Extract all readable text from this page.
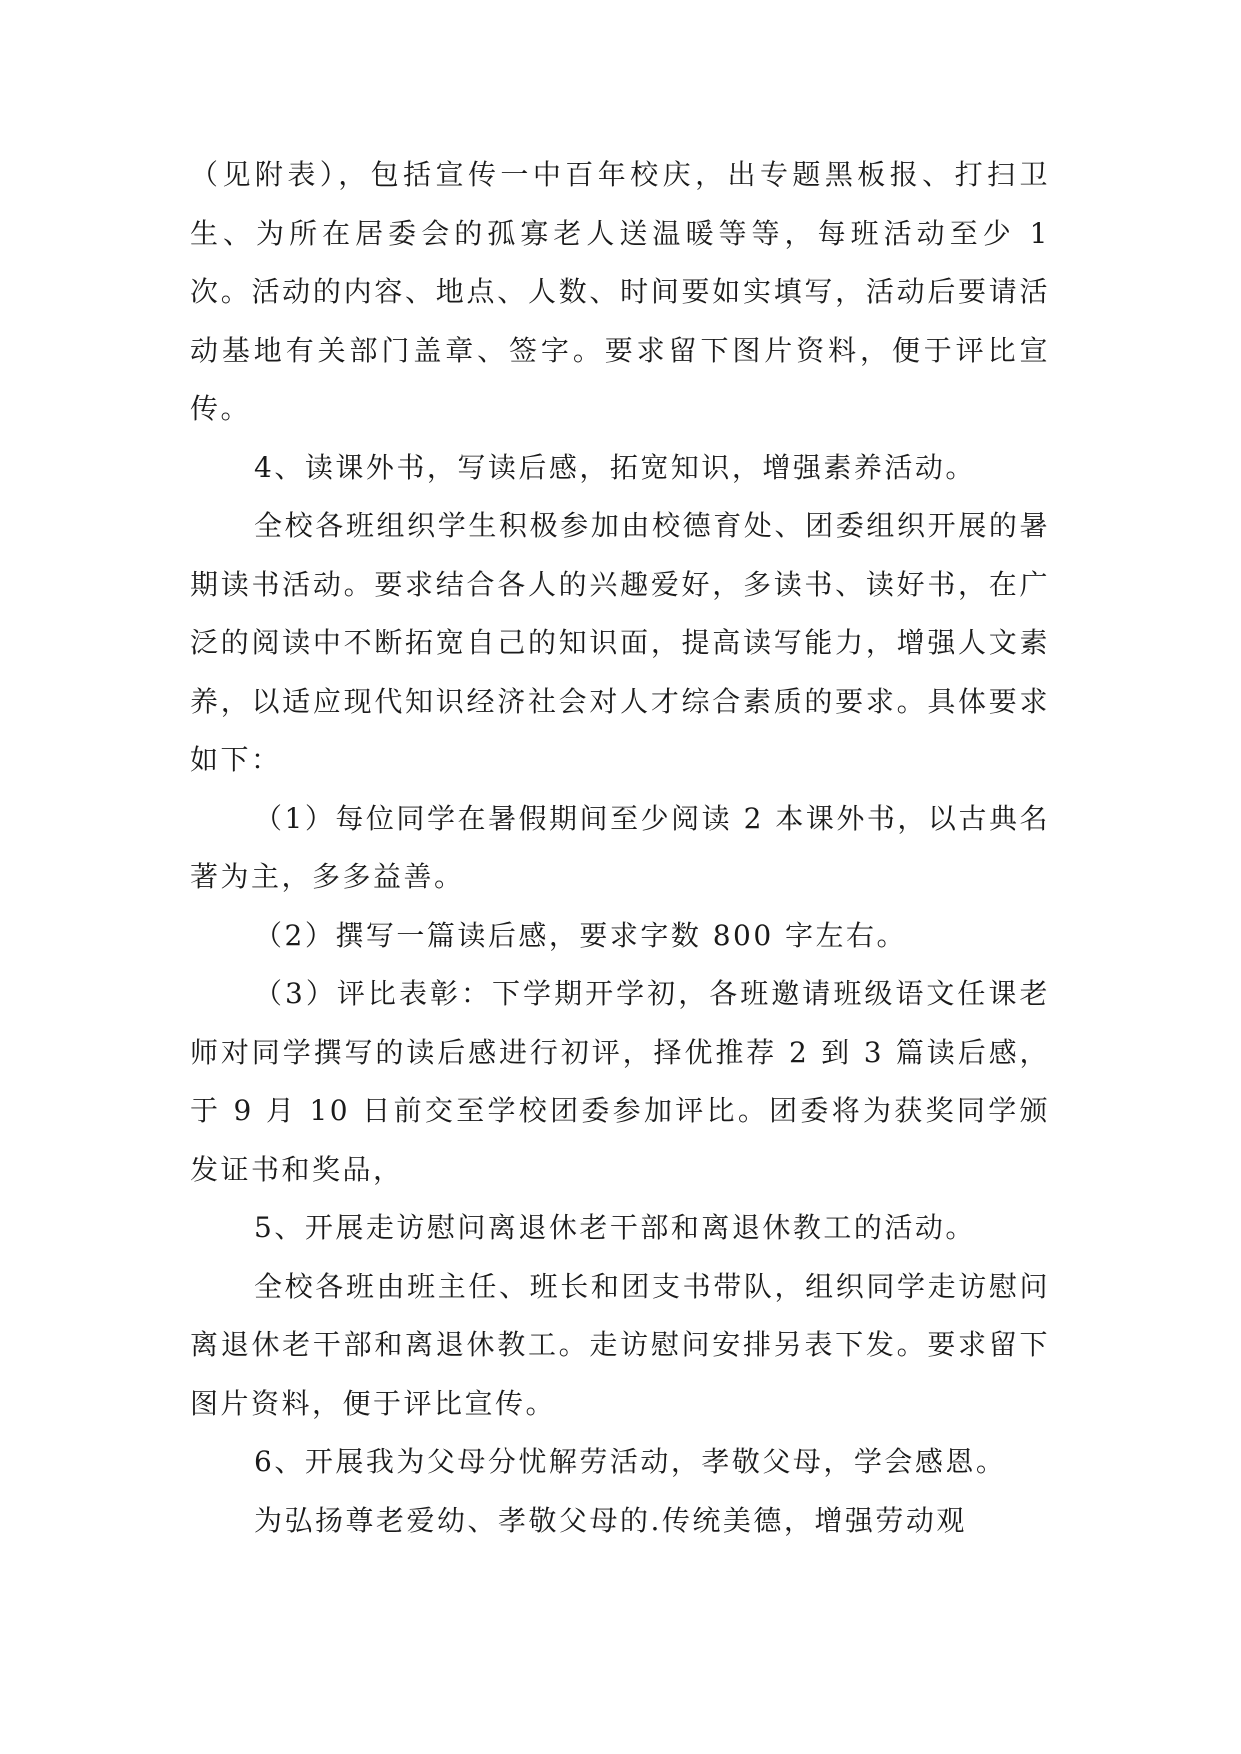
（见附表），包括宣传一中百年校庆，出专题黑板报、打扫卫生、为所在居委会的孤寡老人送温暖等等，每班活动至少 1 次。活动的内容、地点、人数、时间要如实填写，活动后要请活动基地有关部门盖章、签字。要求留下图片资料，便于评比宣传。

4、读课外书，写读后感，拓宽知识，增强素养活动。

全校各班组织学生积极参加由校德育处、团委组织开展的暑期读书活动。要求结合各人的兴趣爱好，多读书、读好书，在广泛的阅读中不断拓宽自己的知识面，提高读写能力，增强人文素养，以适应现代知识经济社会对人才综合素质的要求。具体要求如下：

（1）每位同学在暑假期间至少阅读 2 本课外书，以古典名著为主，多多益善。

（2）撰写一篇读后感，要求字数 800 字左右。

（3）评比表彰：下学期开学初，各班邀请班级语文任课老师对同学撰写的读后感进行初评，择优推荐 2 到 3 篇读后感，于 9 月 10 日前交至学校团委参加评比。团委将为获奖同学颁发证书和奖品，

5、开展走访慰问离退休老干部和离退休教工的活动。

全校各班由班主任、班长和团支书带队，组织同学走访慰问离退休老干部和离退休教工。走访慰问安排另表下发。要求留下图片资料，便于评比宣传。

6、开展我为父母分忧解劳活动，孝敬父母，学会感恩。

为弘扬尊老爱幼、孝敬父母的.传统美德，增强劳动观
